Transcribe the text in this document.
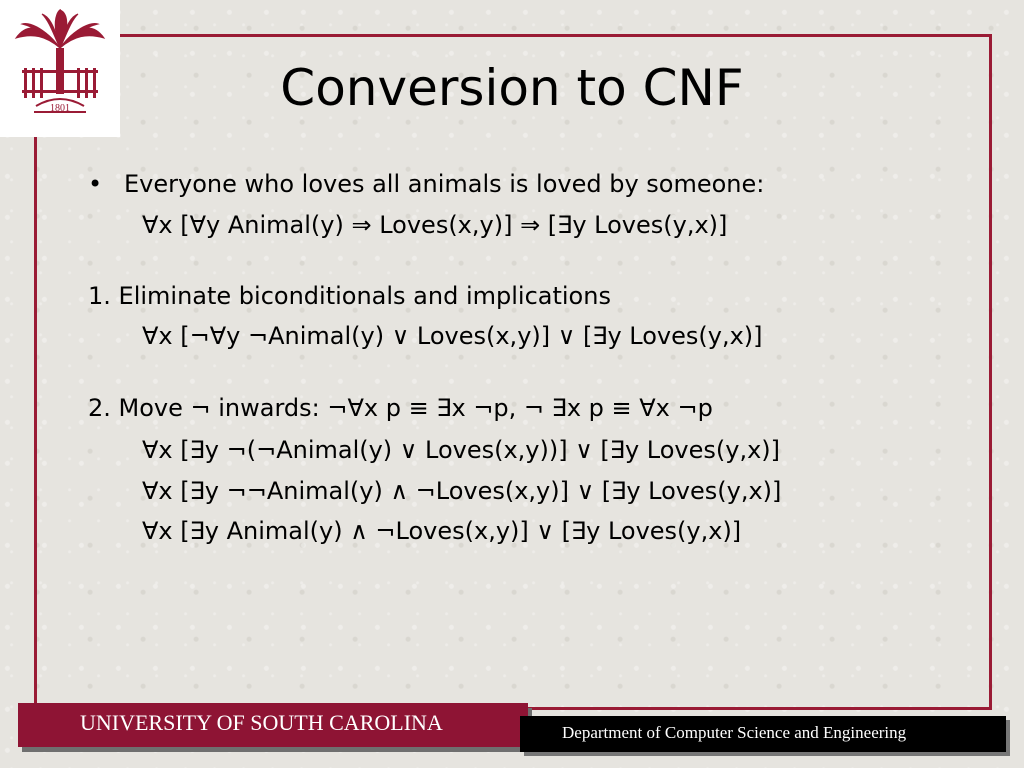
1801	Conversion to CNF
• Everyone who loves all animals is loved by someone:
∀x [∀y Animal(y) ⇒ Loves(x,y)] ⇒ [∃y Loves(y,x)]
1. Eliminate biconditionals and implications
∀x [¬∀y ¬Animal(y) ∨ Loves(x,y)] ∨ [∃y Loves(y,x)]
2. Move ¬ inwards: ¬∀x p ≡ ∃x ¬p, ¬ ∃x p ≡ ∀x ¬p
∀x [∃y ¬(¬Animal(y) ∨ Loves(x,y))] ∨ [∃y Loves(y,x)]
∀x [∃y ¬¬Animal(y) ∧ ¬Loves(x,y)] ∨ [∃y Loves(y,x)]
∀x [∃y Animal(y) ∧ ¬Loves(x,y)] ∨ [∃y Loves(y,x)]
UNIVERSITY OF SOUTH CAROLINA	Department of Computer Science and Engineering
